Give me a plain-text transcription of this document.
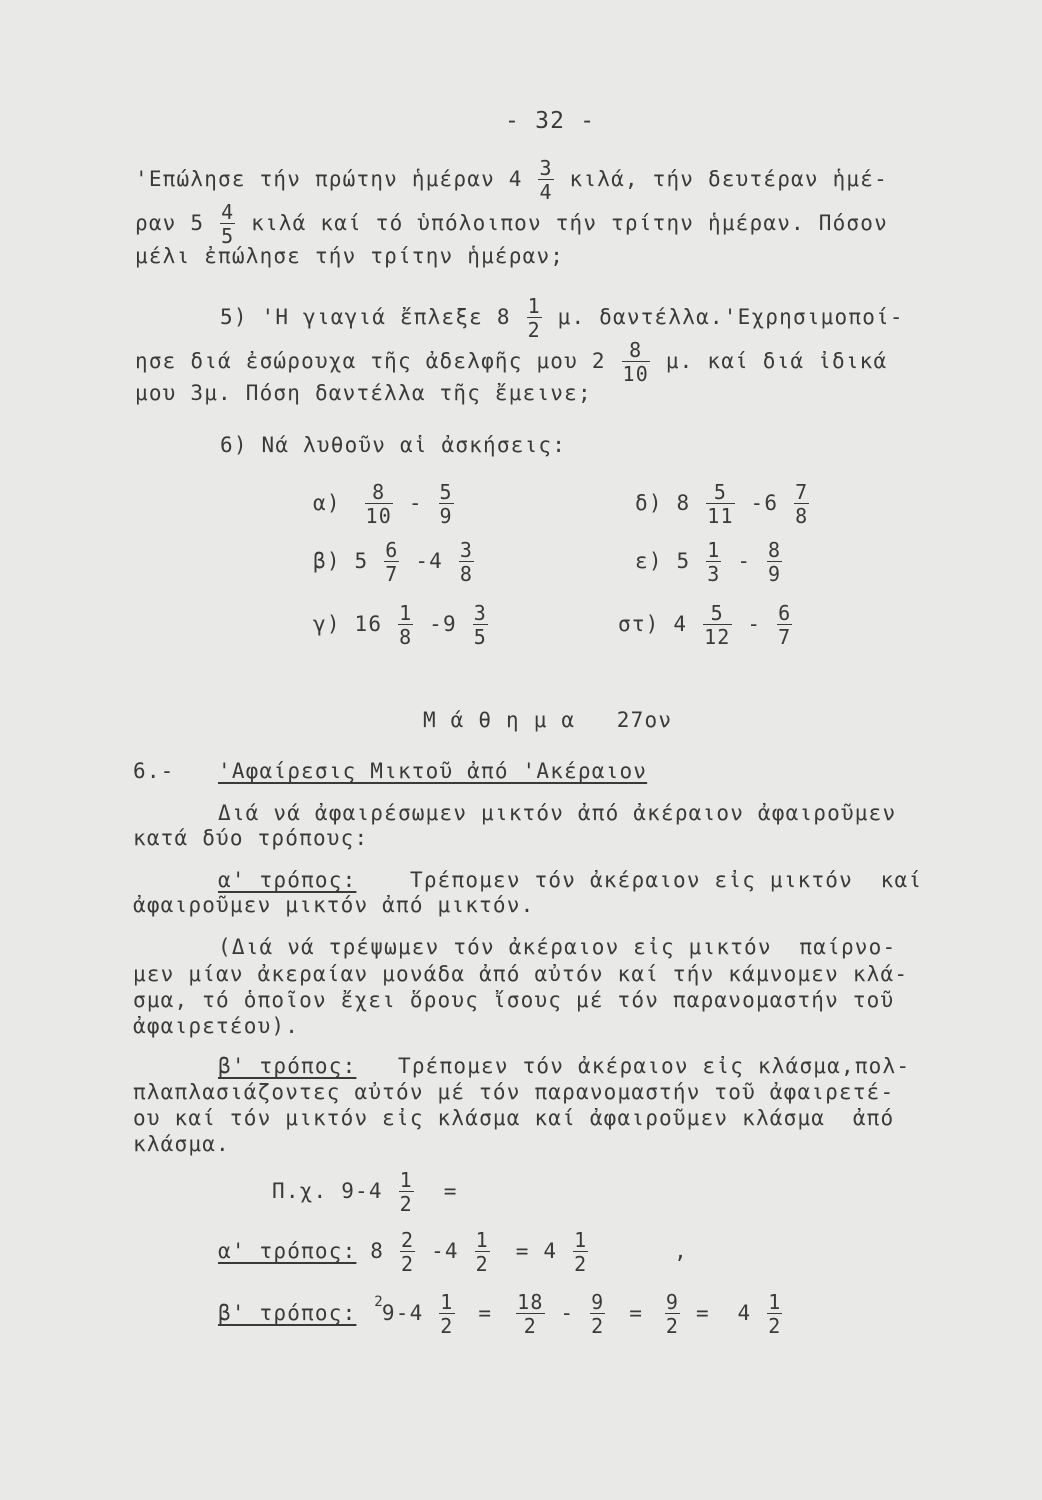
- 32 -
'Επώλησε τήν πρώτην ἡμέραν $4 \frac{3}{4} \kappa\iota\lambda ά$, τήν δευτέραν ἡμέ-
ραν $5 \frac{4}{5}$ κιλά καί τό ὑπόλοιπον τήν τρίτην ἡμέραν. Πόσον
μέλι ἐπώλησε τήν τρίτην ἡμέραν;
5) 'Η γιαγιά ἔπλεξε $8 \frac{1}{2} \mu$. δαντέλλα.'Εχρησιμοποί-
ησε διά ἐσώρουχα τῆς ἀδελφῆς μου $2 \frac{8}{10} \mu$. καί διά ἰδικά
μου 3μ. Πόση δαντέλλα τῆς ἔμεινε;
6) Νά λυθοῦν αἱ ἀσκήσεις:
$\alpha) \frac{8}{10} - \frac{5}{9}$	δ) $8 \frac{5}{11} -6 \frac{7}{8}$
β) $5 \frac{6}{7} -4 \frac{3}{8}$	ε) $5 \frac{1}{3} - \frac{8}{9}$
γ) $16 \frac{1}{8} -9 \frac{3}{5}$	στ) $4 \frac{5}{12} - \frac{6}{7}$
Μ ά θ η μ α   27ον
6.- 'Αφαίρεσις Μικτοῦ ἀπό 'Ακέραιον
Διά νά ἀφαιρέσωμεν μικτόν ἀπό ἀκέραιον ἀφαιροῦμεν
κατά δύο τρόπους:
α' τρόπος:	Τρέπομεν τόν ἀκέραιον εἰς μικτόν  καί
ἀφαιροῦμεν μικτόν ἀπό μικτόν.
(Διά νά τρέψωμεν τόν ἀκέραιον εἰς μικτόν  παίρνο-
μεν μίαν ἀκεραίαν μονάδα ἀπό αὐτόν καί τήν κάμνομεν κλά-
σμα, τό ὁποῖον ἔχει ὅρους ἴσους μέ τόν παρανομαστήν τοῦ
ἀφαιρετέου).
β' τρόπος: Τρέπομεν τόν ἀκέραιον εἰς κλάσμα,πολ-
πλαπλασιάζοντες αὐτόν μέ τόν παρανομαστήν τοῦ ἀφαιρετέ-
ου καί τόν μικτόν εἰς κλάσμα καί ἀφαιροῦμεν κλάσμα  ἀπό
κλάσμα.
Π.χ. $9-4 \frac{1}{2}$ =
α' τρόπος: $8 \frac{2}{2} -4 \frac{1}{2} = 4 \frac{1}{2}$	,
β' τρόπος: $^29-4 \frac{1}{2} = \frac{18}{2} - \frac{9}{2} = \frac{9}{2} = 4 \frac{1}{2}$
